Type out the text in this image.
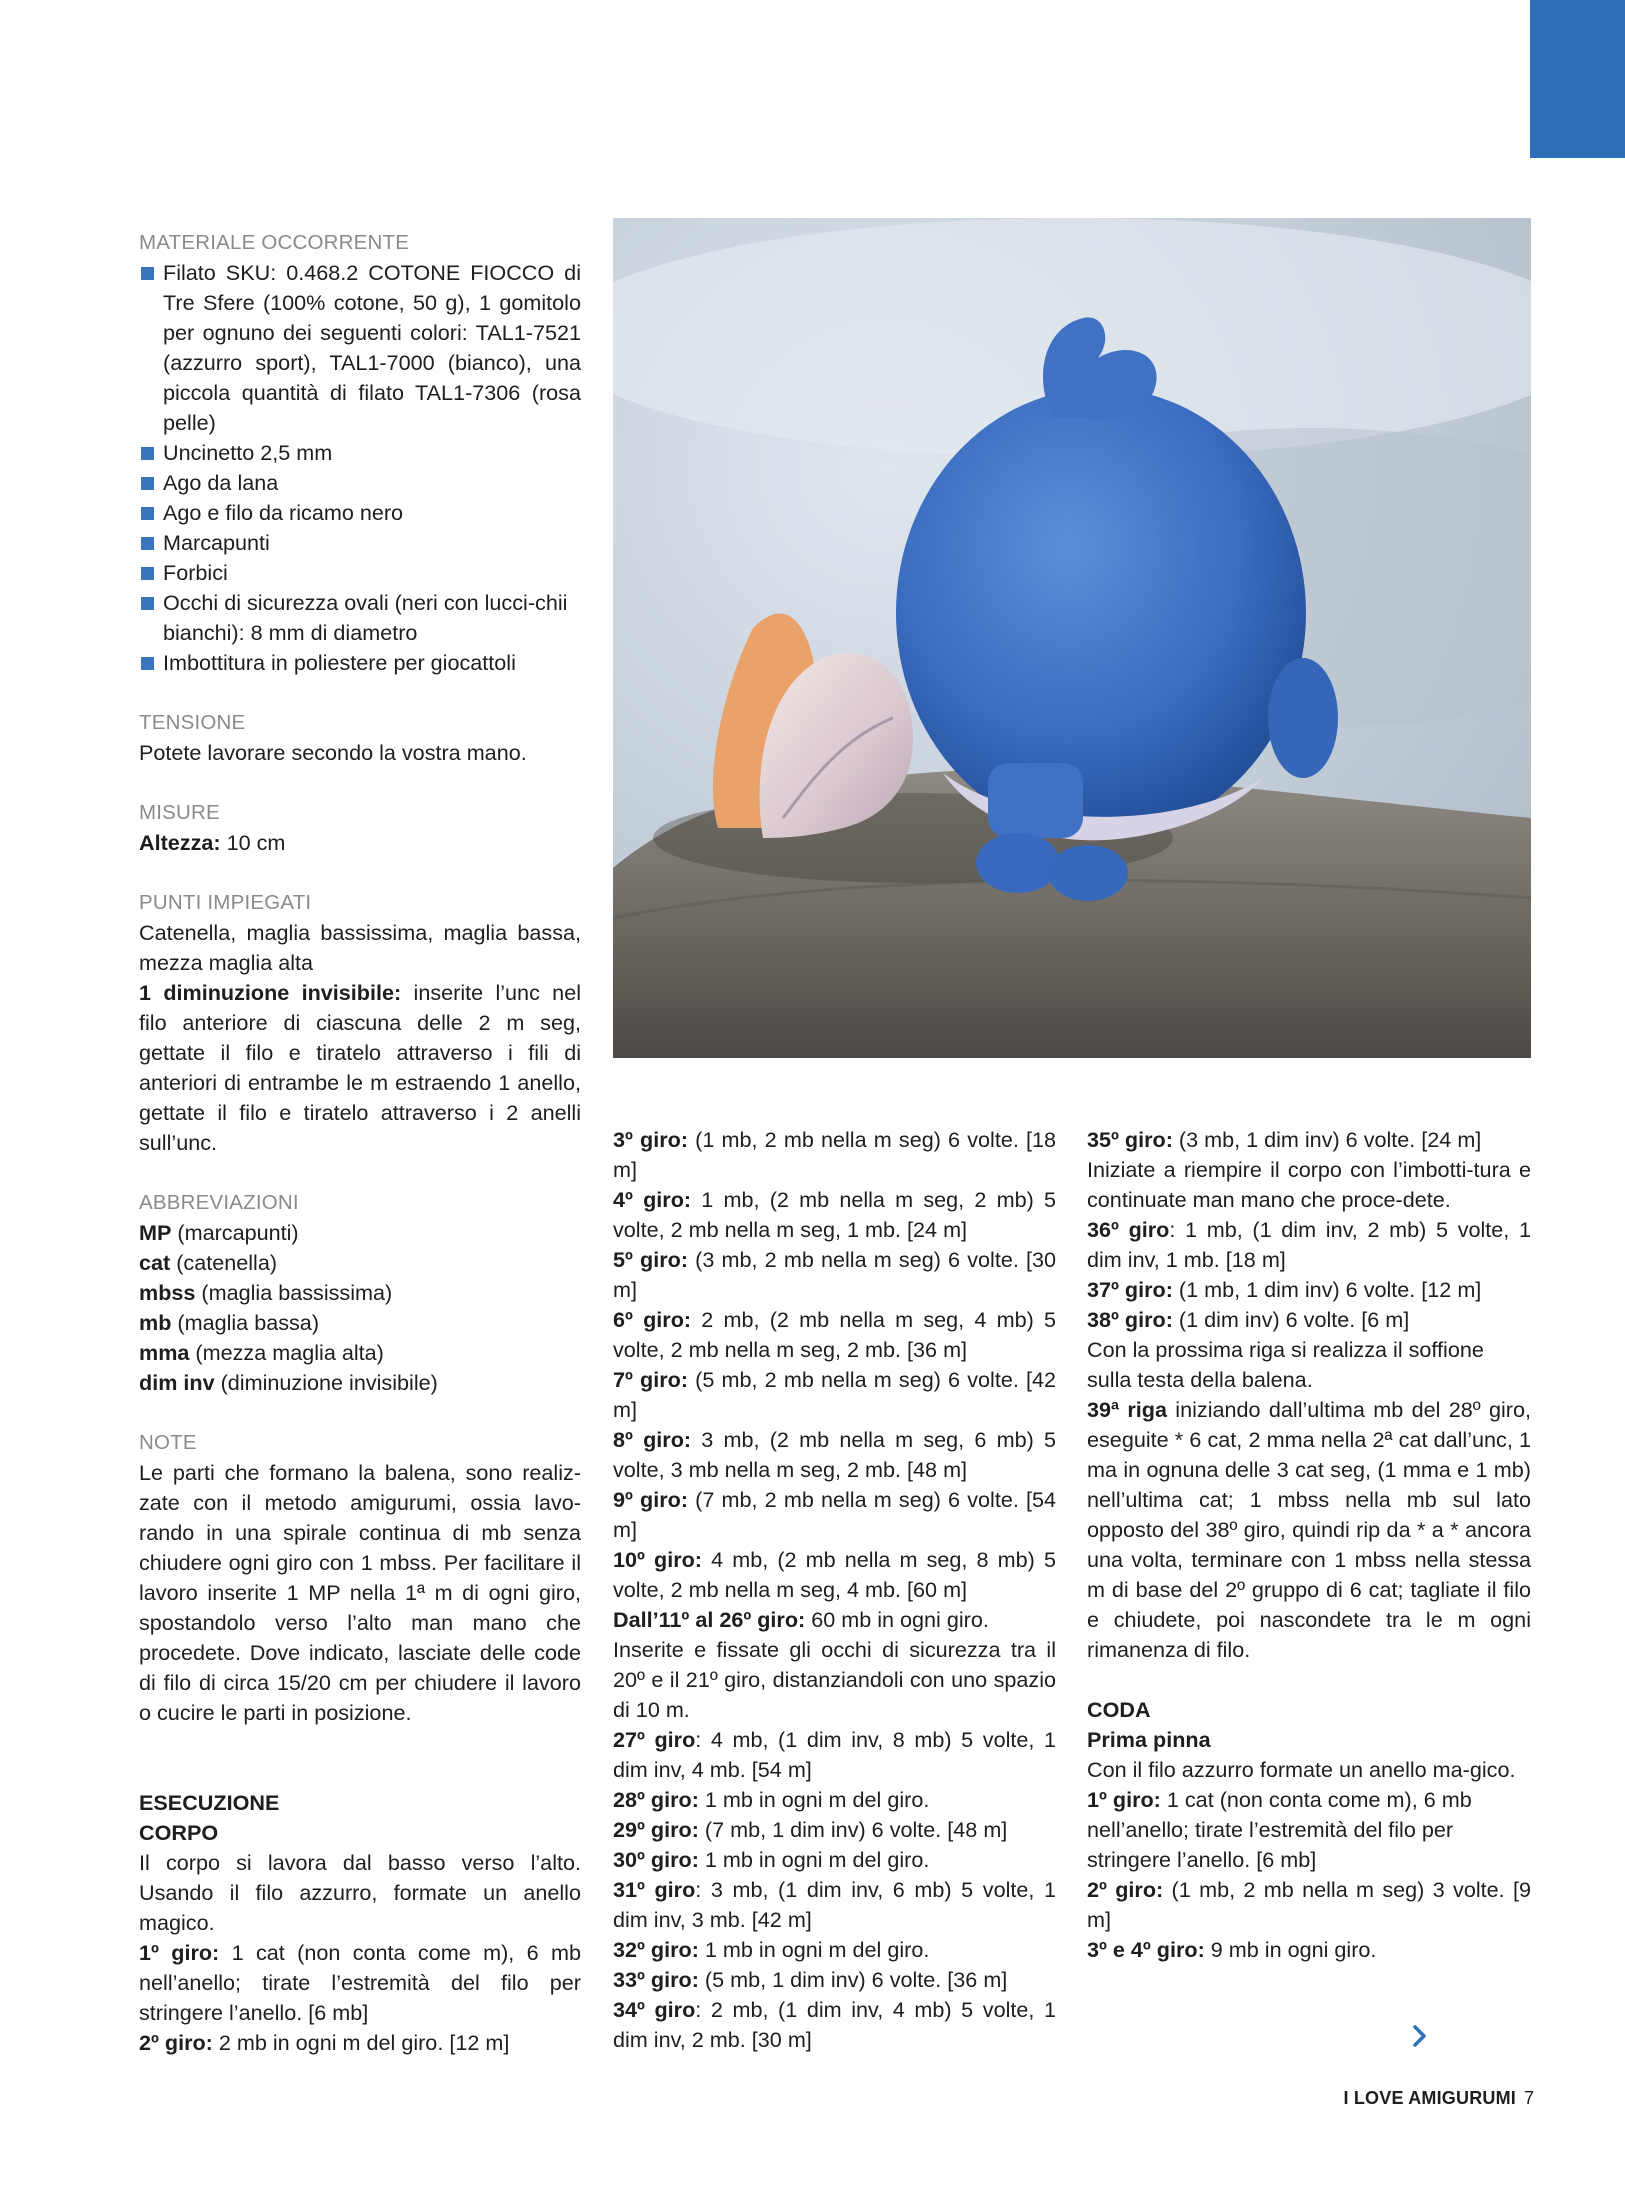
MATERIALE OCCORRENTE

Filato SKU: 0.468.2 COTONE FIOCCO di Tre Sfere (100% cotone, 50 g), 1 gomitolo per ognuno dei seguenti colori: TAL1-7521 (azzurro sport), TAL1-7000 (bianco), una piccola quantità di filato TAL1-7306 (rosa pelle)

Uncinetto 2,5 mm

Ago da lana

Ago e filo da ricamo nero

Marcapunti

Forbici

Occhi di sicurezza ovali (neri con lucci-chii bianchi): 8 mm di diametro

Imbottitura in poliestere per giocattoli

TENSIONE

Potete lavorare secondo la vostra mano.

MISURE

Altezza: 10 cm

PUNTI IMPIEGATI

Catenella, maglia bassissima, maglia bassa, mezza maglia alta

1 diminuzione invisibile: inserite l’unc nel filo anteriore di ciascuna delle 2 m seg, gettate il filo e tiratelo attraverso i fili di anteriori di entrambe le m estraendo 1 anello, gettate il filo e tiratelo attraverso i 2 anelli sull’unc.

ABBREVIAZIONI

MP (marcapunti)

cat (catenella)

mbss (maglia bassissima)

mb (maglia bassa)

mma (mezza maglia alta)

dim inv (diminuzione invisibile)

NOTE

Le parti che formano la balena, sono realiz-zate con il metodo amigurumi, ossia lavo-rando in una spirale continua di mb senza chiudere ogni giro con 1 mbss. Per facilitare il lavoro inserite 1 MP nella 1ª m di ogni giro, spostandolo verso l’alto man mano che procedete. Dove indicato, lasciate delle code di filo di circa 15/20 cm per chiudere il lavoro o cucire le parti in posizione.

ESECUZIONE

CORPO

Il corpo si lavora dal basso verso l’alto. Usando il filo azzurro, formate un anello magico.

1º giro: 1 cat (non conta come m), 6 mb nell’anello; tirate l’estremità del filo per stringere l’anello. [6 mb]

2º giro: 2 mb in ogni m del giro. [12 m]

3º giro: (1 mb, 2 mb nella m seg) 6 volte. [18 m]

4º giro: 1 mb, (2 mb nella m seg, 2 mb) 5 volte, 2 mb nella m seg, 1 mb. [24 m]

5º giro: (3 mb, 2 mb nella m seg) 6 volte. [30 m]

6º giro: 2 mb, (2 mb nella m seg, 4 mb) 5 volte, 2 mb nella m seg, 2 mb. [36 m]

7º giro: (5 mb, 2 mb nella m seg) 6 volte. [42 m]

8º giro: 3 mb, (2 mb nella m seg, 6 mb) 5 volte, 3 mb nella m seg, 2 mb. [48 m]

9º giro: (7 mb, 2 mb nella m seg) 6 volte. [54 m]

10º giro: 4 mb, (2 mb nella m seg, 8 mb) 5 volte, 2 mb nella m seg, 4 mb. [60 m]

Dall’11º al 26º giro: 60 mb in ogni giro.

Inserite e fissate gli occhi di sicurezza tra il 20º e il 21º giro, distanziandoli con uno spazio di 10 m.

27º giro: 4 mb, (1 dim inv, 8 mb) 5 volte, 1 dim inv, 4 mb. [54 m]

28º giro: 1 mb in ogni m del giro.

29º giro: (7 mb, 1 dim inv) 6 volte. [48 m]

30º giro: 1 mb in ogni m del giro.

31º giro: 3 mb, (1 dim inv, 6 mb) 5 volte, 1 dim inv, 3 mb. [42 m]

32º giro: 1 mb in ogni m del giro.

33º giro: (5 mb, 1 dim inv) 6 volte. [36 m]

34º giro: 2 mb, (1 dim inv, 4 mb) 5 volte, 1 dim inv, 2 mb. [30 m]

35º giro: (3 mb, 1 dim inv) 6 volte. [24 m]

Iniziate a riempire il corpo con l’imbotti-tura e continuate man mano che proce-dete.

36º giro: 1 mb, (1 dim inv, 2 mb) 5 volte, 1 dim inv, 1 mb. [18 m]

37º giro: (1 mb, 1 dim inv) 6 volte. [12 m]

38º giro: (1 dim inv) 6 volte. [6 m]

Con la prossima riga si realizza il soffione sulla testa della balena.

39ª riga iniziando dall’ultima mb del 28º giro, eseguite * 6 cat, 2 mma nella 2ª cat dall’unc, 1 ma in ognuna delle 3 cat seg, (1 mma e 1 mb) nell’ultima cat; 1 mbss nella mb sul lato opposto del 38º giro, quindi rip da * a * ancora una volta, terminare con 1 mbss nella stessa m di base del 2º gruppo di 6 cat; tagliate il filo e chiudete, poi nascondete tra le m ogni rimanenza di filo.

CODA

Prima pinna

Con il filo azzurro formate un anello ma-gico.

1º giro: 1 cat (non conta come m), 6 mb nell’anello; tirate l’estremità del filo per stringere l’anello. [6 mb]

2º giro: (1 mb, 2 mb nella m seg) 3 volte. [9 m]

3º e 4º giro: 9 mb in ogni giro.

I LOVE AMIGURUMI 7
